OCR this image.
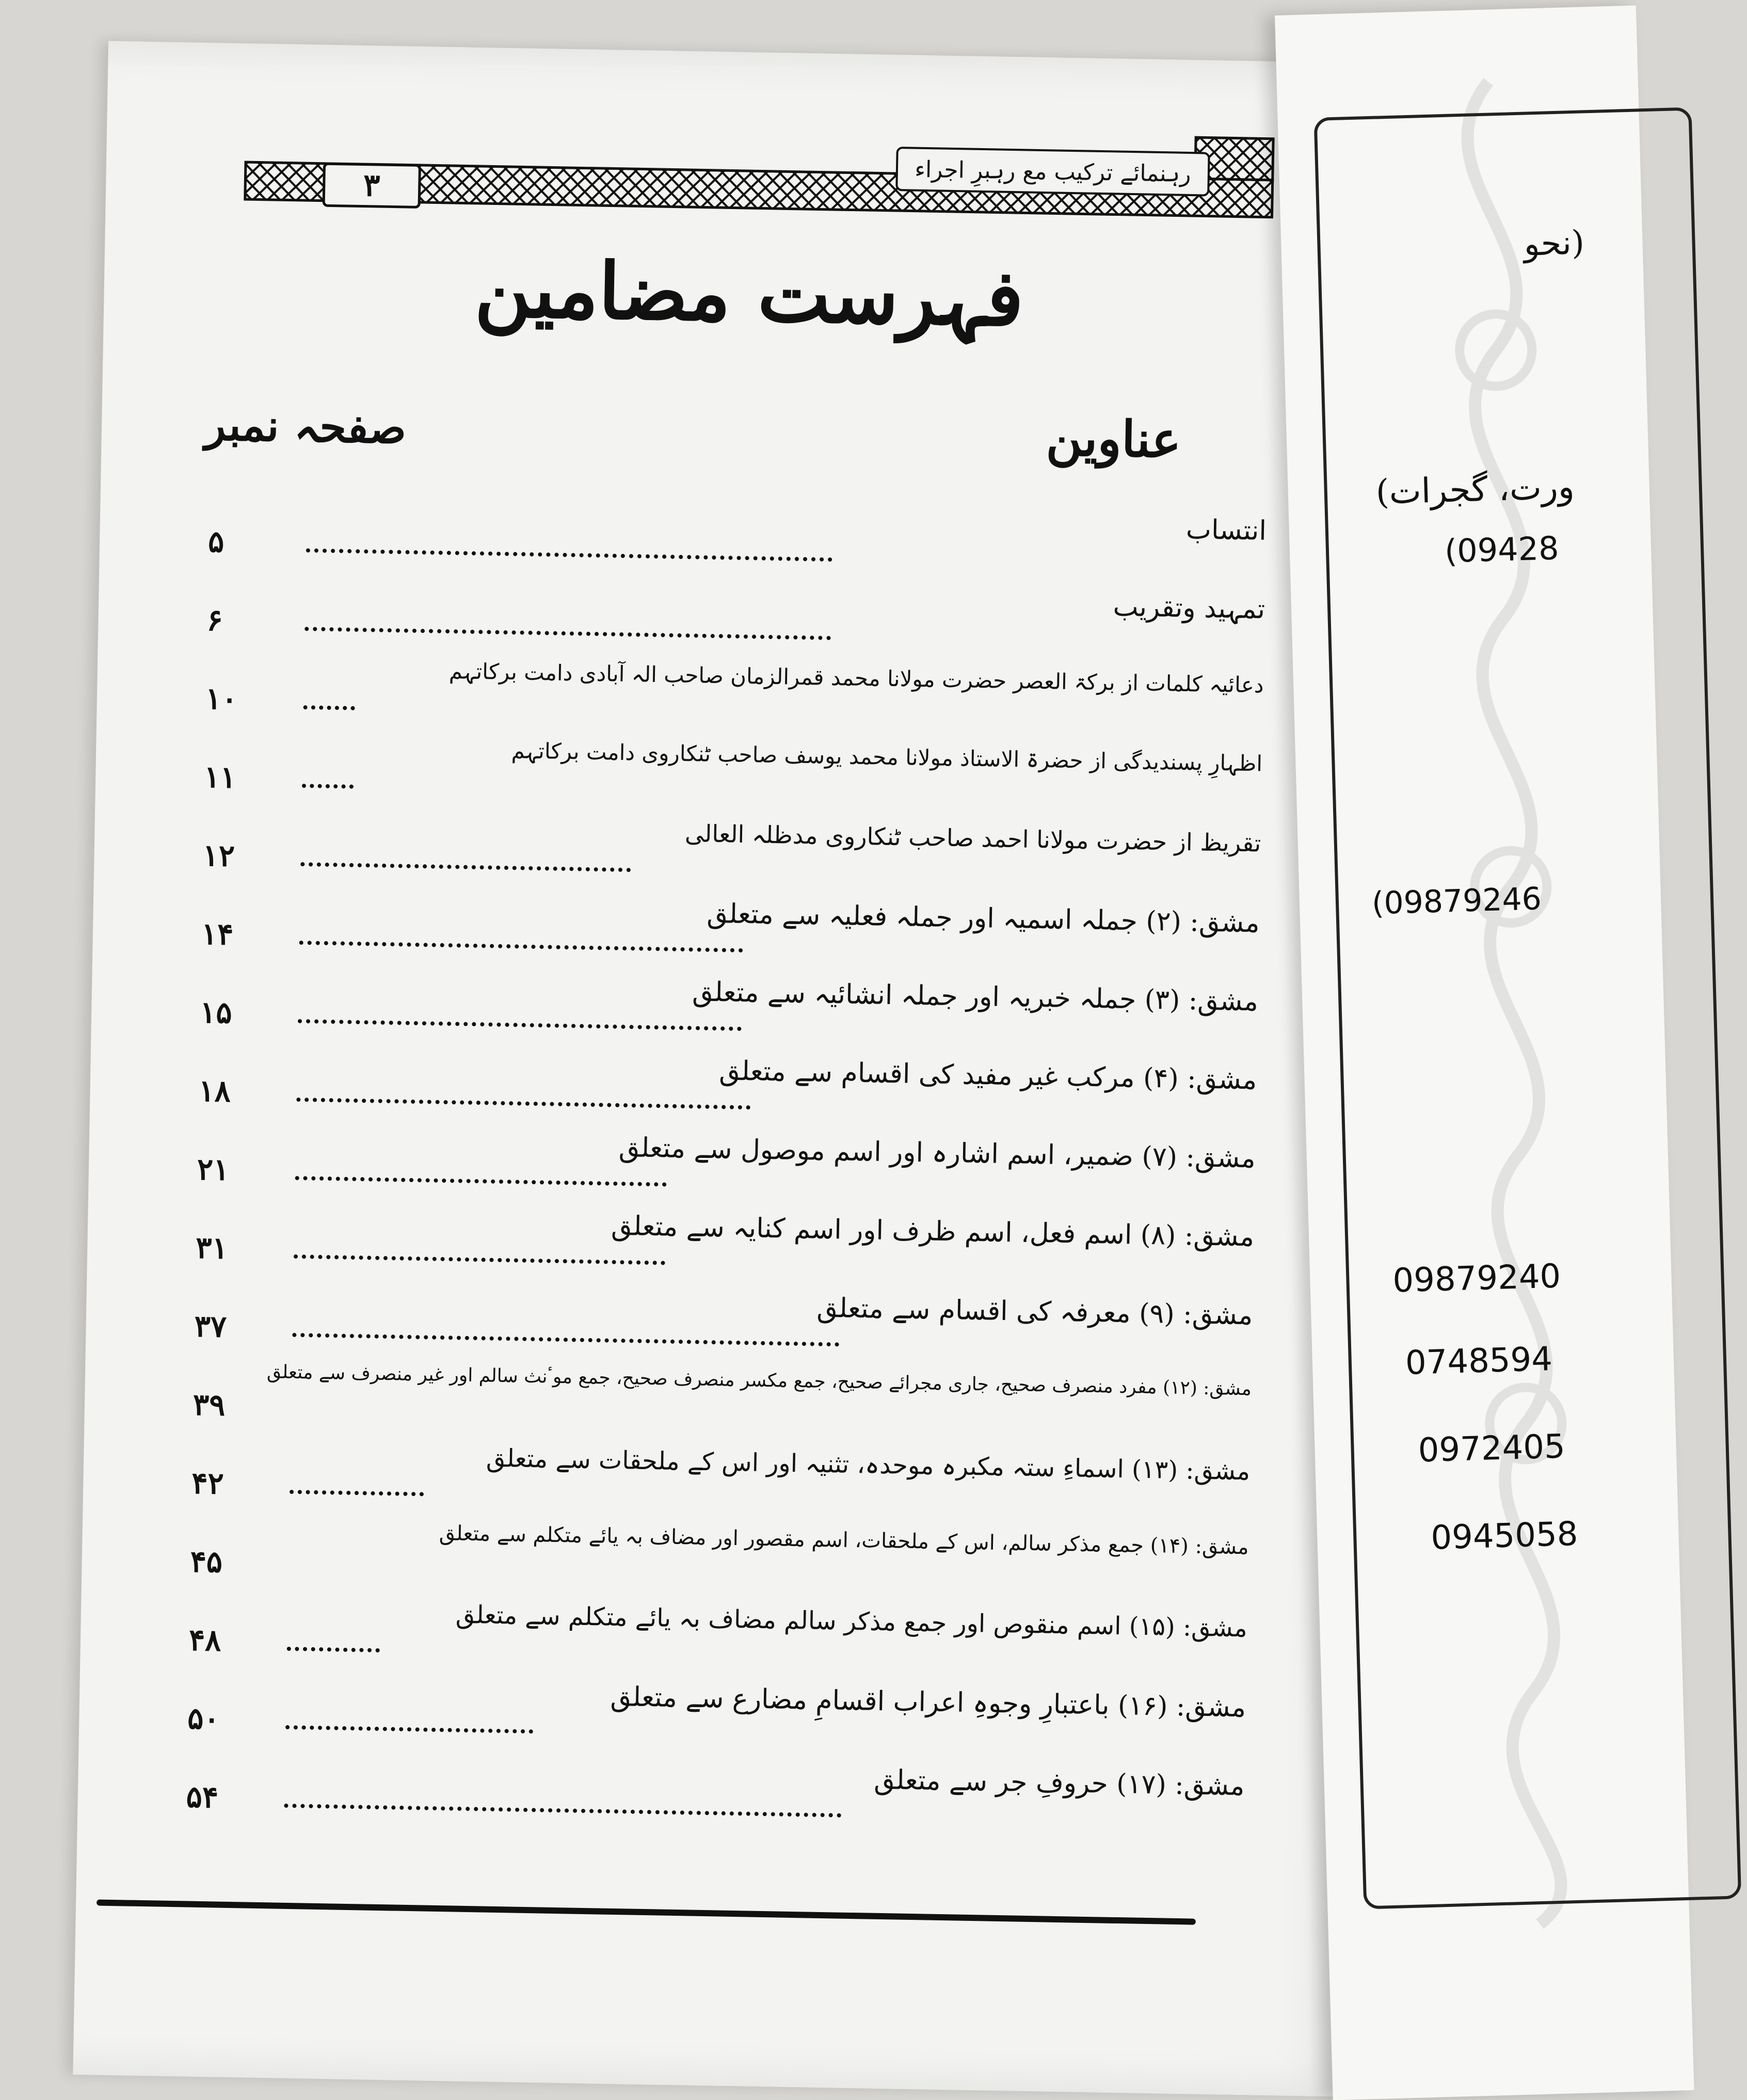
٣	رہنمائے ترکیب مع رہبرِ اجراء
فہرست مضامین
صفحہ نمبر	عناوین
انتساب
۵
تمہید وتقریب
۶
دعائیہ کلمات از برکۃ العصر حضرت مولانا محمد قمرالزمان صاحب الہ آبادی دامت برکاتہم
۱۰
اظہارِ پسندیدگی از حضرۃ الاستاذ مولانا محمد یوسف صاحب ٹنکاروی دامت برکاتہم
۱۱
تقریظ از حضرت مولانا احمد صاحب ٹنکاروی مدظلہ العالی
۱۲
مشق: (۲) جملہ اسمیہ اور جملہ فعلیہ سے متعلق
۱۴
مشق: (۳) جملہ خبریہ اور جملہ انشائیہ سے متعلق
۱۵
مشق: (۴) مرکب غیر مفید کی اقسام سے متعلق
۱۸
مشق: (۷) ضمیر، اسم اشارہ اور اسم موصول سے متعلق
۲۱
مشق: (۸) اسم فعل، اسم ظرف اور اسم کنایہ سے متعلق
۳۱
مشق: (۹) معرفہ کی اقسام سے متعلق
۳۷
مشق: (۱۲) مفرد منصرف صحیح، جاری مجرائے صحیح، جمع مکسر منصرف صحیح، جمع موٴنث سالم اور غیر منصرف سے متعلق
۳۹
مشق: (۱۳) اسماءِ ستہ مکبرہ موحدہ، تثنیہ اور اس کے ملحقات سے متعلق
۴۲
مشق: (۱۴) جمع مذکر سالم، اس کے ملحقات، اسم مقصور اور مضاف بہ یائے متکلم سے متعلق
۴۵
مشق: (۱۵) اسم منقوص اور جمع مذکر سالم مضاف بہ یائے متکلم سے متعلق
۴۸
مشق: (۱۶) باعتبارِ وجوہِ اعراب اقسامِ مضارع سے متعلق
۵۰
مشق: (۱۷) حروفِ جر سے متعلق
۵۴
(نحو
ورت، گجرات)
(09428
(09879246
09879240
0748594
0972405
0945058
